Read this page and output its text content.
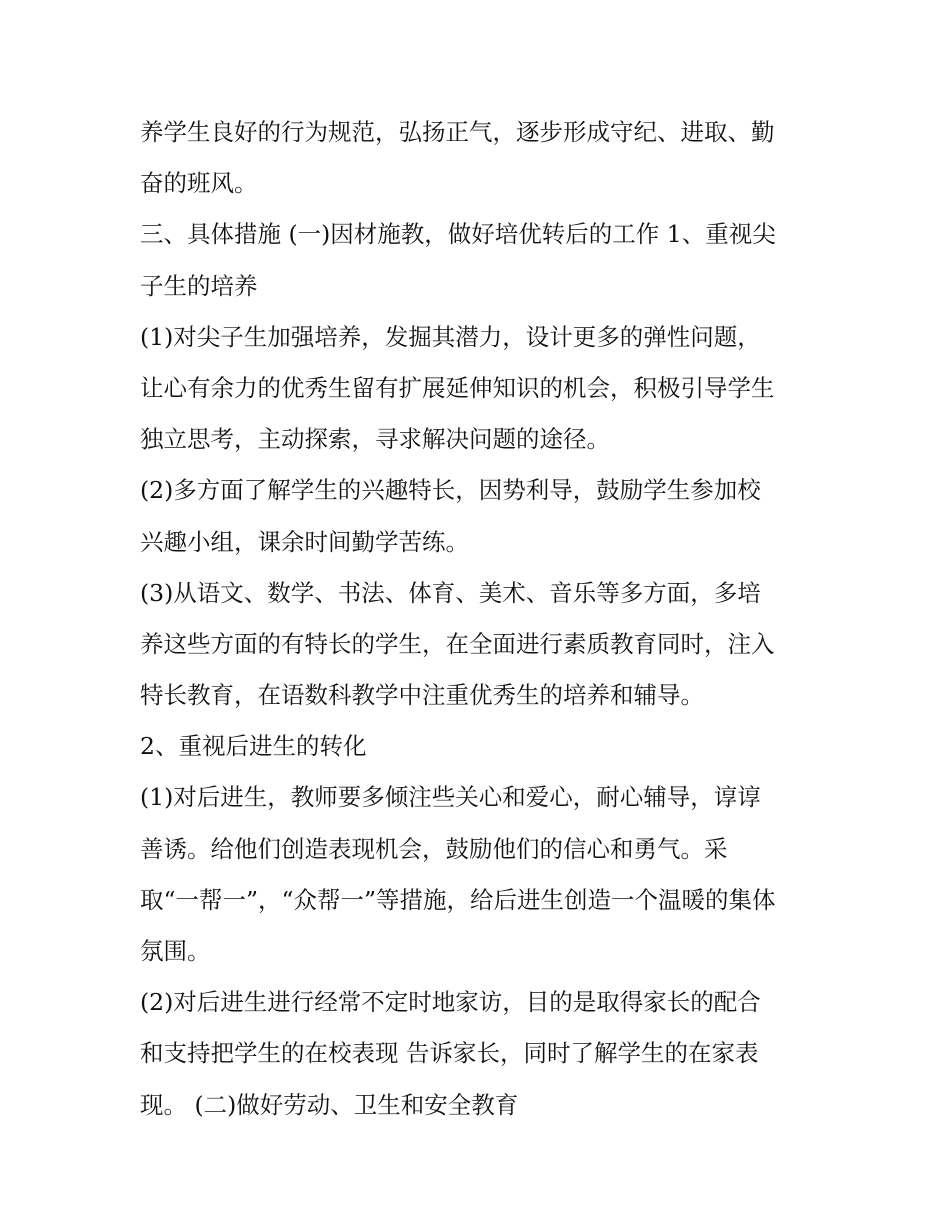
养学生良好的行为规范，弘扬正气，逐步形成守纪、进取、勤
奋的班风。
三、具体措施 (一)因材施教，做好培优转后的工作 1、重视尖
子生的培养
(1)对尖子生加强培养，发掘其潜力，设计更多的弹性问题，
让心有余力的优秀生留有扩展延伸知识的机会，积极引导学生
独立思考，主动探索，寻求解决问题的途径。
(2)多方面了解学生的兴趣特长，因势利导，鼓励学生参加校
兴趣小组，课余时间勤学苦练。
(3)从语文、数学、书法、体育、美术、音乐等多方面，多培
养这些方面的有特长的学生，在全面进行素质教育同时，注入
特长教育，在语数科教学中注重优秀生的培养和辅导。
2、重视后进生的转化
(1)对后进生，教师要多倾注些关心和爱心，耐心辅导，谆谆
善诱。给他们创造表现机会，鼓励他们的信心和勇气。采
取“一帮一”，“众帮一”等措施，给后进生创造一个温暖的集体
氛围。
(2)对后进生进行经常不定时地家访，目的是取得家长的配合
和支持把学生的在校表现 告诉家长，同时了解学生的在家表
现。 (二)做好劳动、卫生和安全教育
